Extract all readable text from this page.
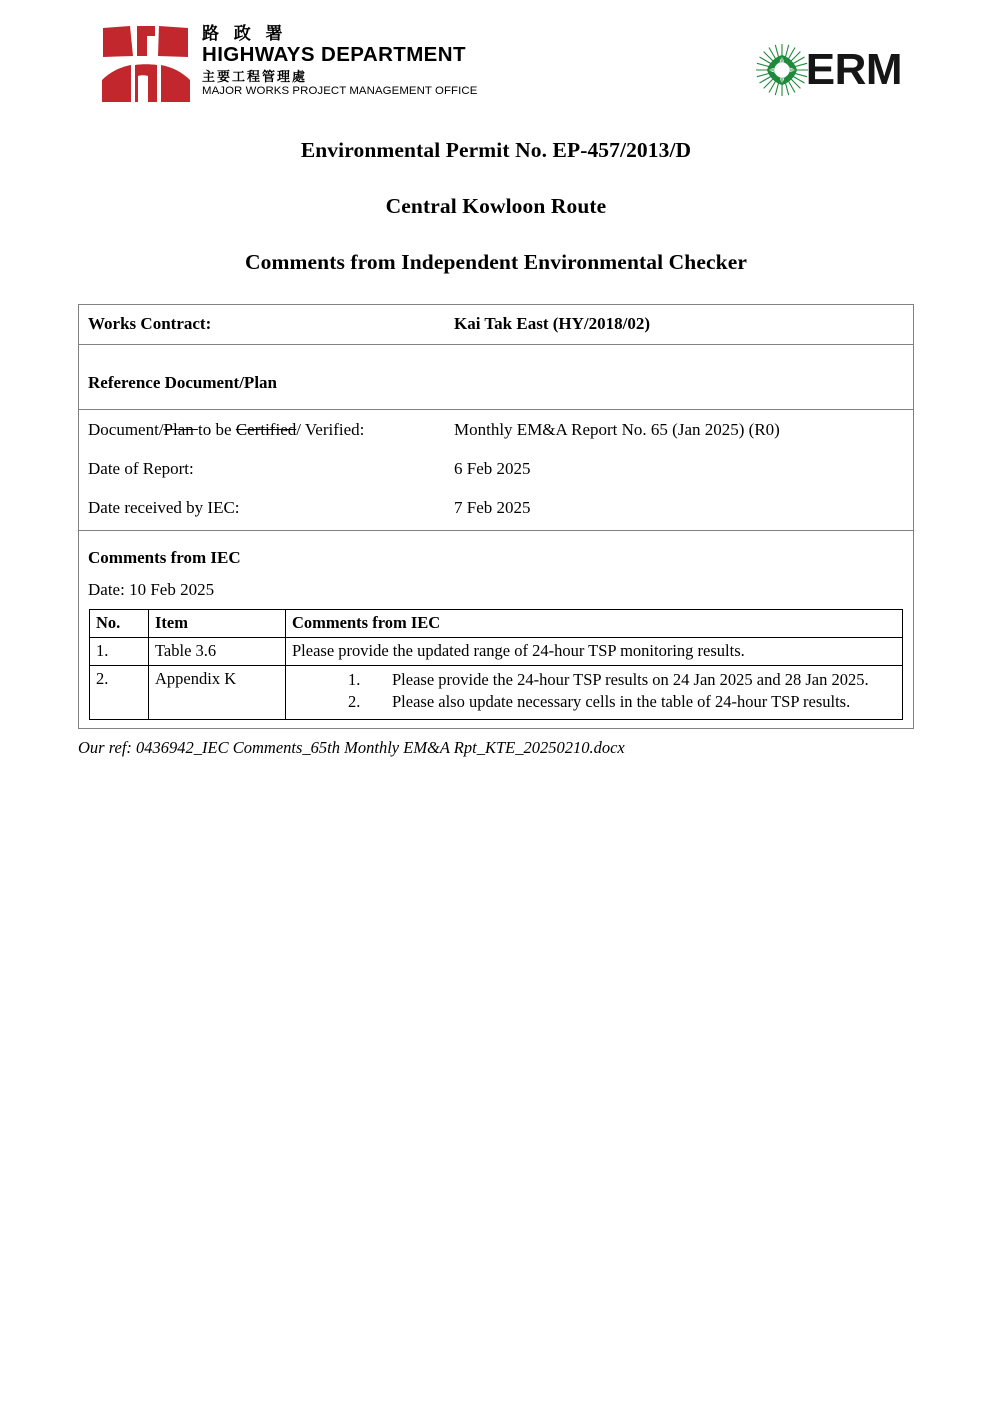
路 政 署
HIGHWAYS DEPARTMENT
主要工程管理處
MAJOR WORKS PROJECT MANAGEMENT OFFICE	ERM
Environmental Permit No. EP-457/2013/D
Central Kowloon Route
Comments from Independent Environmental Checker
Works Contract:	Kai Tak East (HY/2018/02)

Reference Document/Plan

Document/Plan to be Certified/ Verified:	Monthly EM&A Report No. 65 (Jan 2025) (R0)
Date of Report:	6 Feb 2025
Date received by IEC:	7 Feb 2025

Comments from IEC
Date: 10 Feb 2025
No.	Item	Comments from IEC
1.	Table 3.6	Please provide the updated range of 24-hour TSP monitoring results.
2.	Appendix K	1. Please provide the 24-hour TSP results on 24 Jan 2025 and 28 Jan 2025.
2. Please also update necessary cells in the table of 24-hour TSP results.
Our ref: 0436942_IEC Comments_65th Monthly EM&A Rpt_KTE_20250210.docx
